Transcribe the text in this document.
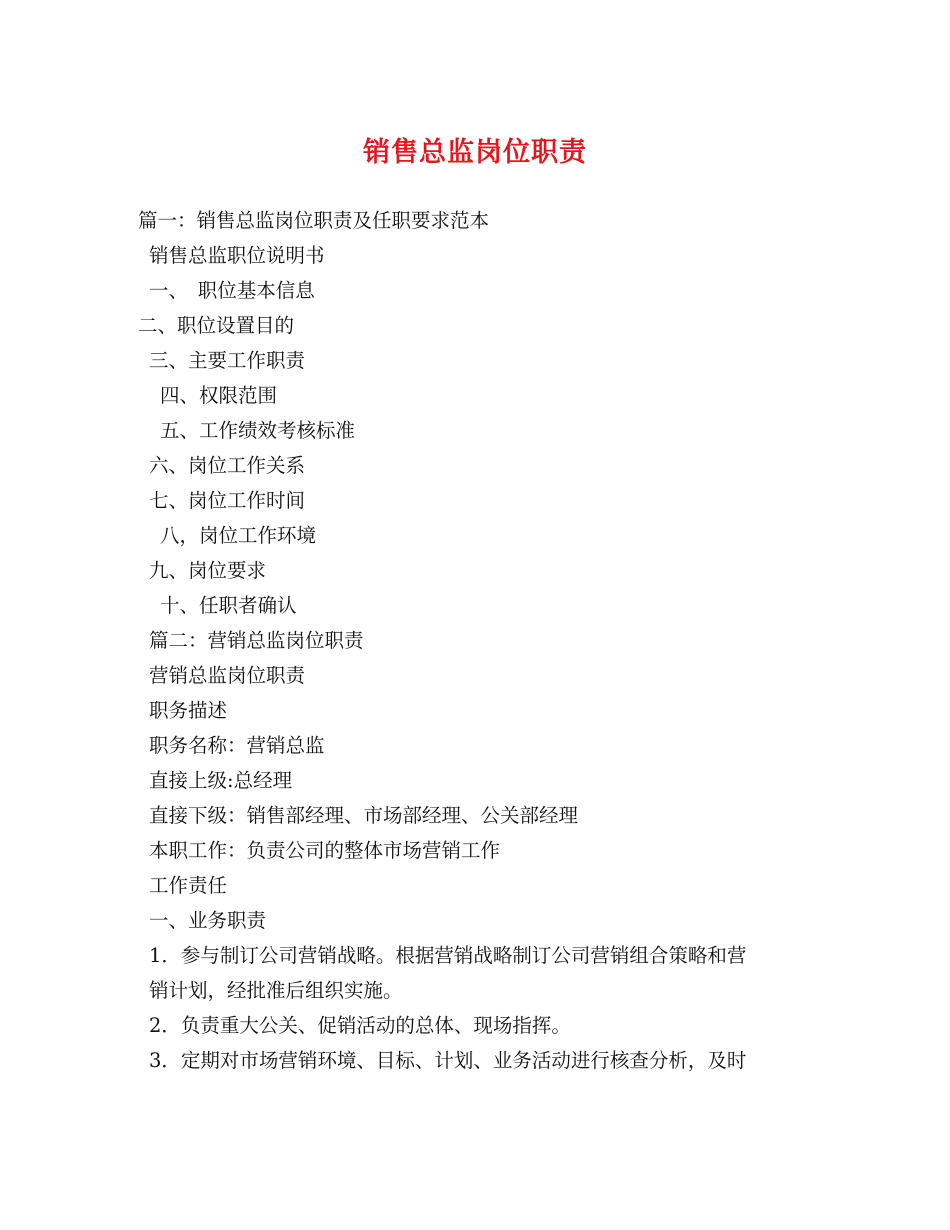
销售总监岗位职责
篇一：销售总监岗位职责及任职要求范本
销售总监职位说明书
一、　职位基本信息
二、职位设置目的
三、主要工作职责
四、权限范围
五、工作绩效考核标准
六、岗位工作关系
七、岗位工作时间
八，岗位工作环境
九、岗位要求
十、任职者确认
篇二：营销总监岗位职责
营销总监岗位职责
职务描述
职务名称：营销总监
直接上级:总经理
直接下级：销售部经理、市场部经理、公关部经理
本职工作：负责公司的整体市场营销工作
工作责任
一、业务职责
1．参与制订公司营销战略。根据营销战略制订公司营销组合策略和营
销计划，经批准后组织实施。
2．负责重大公关、促销活动的总体、现场指挥。
3．定期对市场营销环境、目标、计划、业务活动进行核查分析，及时
